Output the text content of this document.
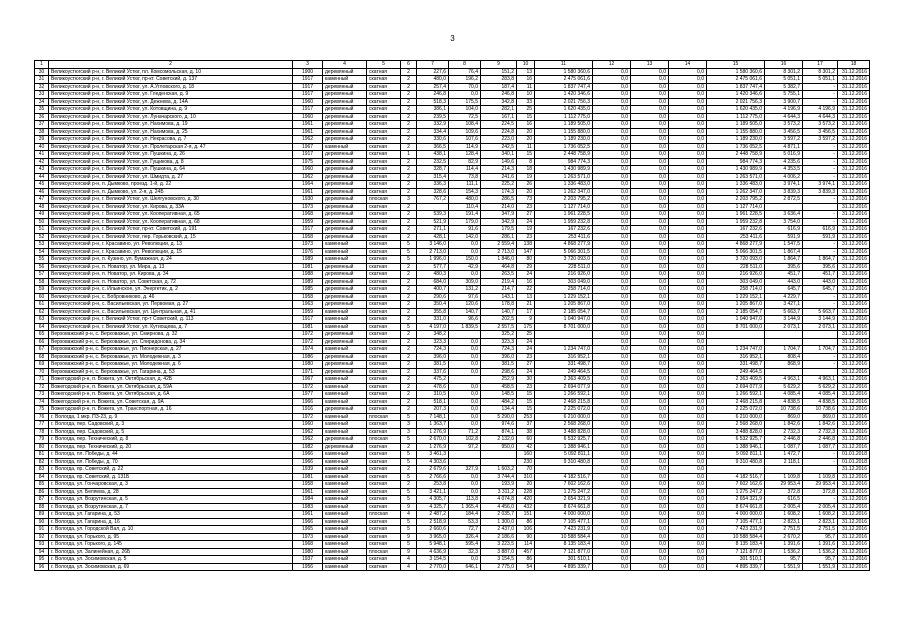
3
1	2	3	4	5	6	7	8	9	10	11	12	13	14	15	16	17	18
30	Великоустюгский р-н, г. Великий Устюг, пл. Комсомольская, д. 10	1900	деревянный	скатная	2	227,6	76,4	151,2	13	1 580 360,6	0,0	0,0	0,0	1 580 360,6	8 301,2	8 301,2	31.12.2016
31	Великоустюгский р-н, г. Великий Устюг, пр-кт. Советский, д. 137	1917	каменный	скатная	2	480,0	196,2	283,8	16	2 475 061,6	0,0	0,0	0,0	2 475 061,6	5 051,1	5 051,1	31.12.2016
32	Великоустюгский р-н, г. Великий Устюг, ул. А.Угловского, д. 18	1917	деревянный	скатная	2	257,4	70,0	187,4	11	1 837 747,4	0,0	0,0	0,0	1 837 747,4	5 382,7	-	31.12.2016
33	Великоустюгский р-н, г. Великий Устюг, ул. Гледенская, д. 9	1917	деревянный	скатная	2	246,8	0,0	246,8	10	1 420 346,6	0,0	0,0	0,0	1 420 346,6	5 755,1	-	31.12.2016
34	Великоустюгский р-н, г. Великий Устюг, ул. Дежнева, д. 14А	1960	деревянный	скатная	2	518,3	175,5	342,8	33	2 021 756,3	0,0	0,0	0,0	2 021 756,3	3 900,7	-	31.12.2016
35	Великоустюгский р-н, г. Великий Устюг, ул. Котовщина, д. 9	1917	деревянный	скатная	2	386,1	104,0	282,1	25	1 620 435,0	0,0	0,0	0,0	1 620 435,0	4 196,9	4 196,9	31.12.2016
36	Великоустюгский р-н, г. Великий Устюг, ул. Луначарского, д. 10	1960	деревянный	скатная	2	239,5	72,5	167,1	15	1 112 775,0	0,0	0,0	0,0	1 112 775,0	4 644,3	4 644,3	31.12.2016
37	Великоустюгский р-н, г. Великий Устюг, ул. Нахимова, д. 19	1961	деревянный	скатная	2	332,9	108,4	224,5	16	1 189 505,0	0,0	0,0	0,0	1 189 505,0	3 573,2	3 573,2	31.12.2016
38	Великоустюгский р-н, г. Великий Устюг, ул. Нахимова, д. 25	1961	деревянный	скатная	2	334,4	109,6	224,8	20	1 155 880,0	0,0	0,0	0,0	1 155 880,0	3 456,5	3 456,5	31.12.2016
39	Великоустюгский р-н, г. Великий Устюг, ул. Некрасова, д. 7	1962	деревянный	скатная	2	330,6	107,6	223,0	20	1 189 230,0	0,0	0,0	0,0	1 189 230,0	3 597,2	3 597,2	31.12.2016
40	Великоустюгский р-н, г. Великий Устюг, ул. Пролетарская 2-я, д. 47	1967	каменный	скатная	2	366,5	114,9	242,5	11	1 736 052,5	0,0	0,0	0,0	1 736 052,5	4 871,1	-	31.12.2016
41	Великоустюгский р-н, г. Великий Устюг, ул. Пушкина, д. 26	1917	деревянный	скатная	1	438,1	128,4	340,1	15	2 448 758,9	0,0	0,0	0,0	2 448 758,9	5 016,9	-	31.12.2016
42	Великоустюгский р-н, г. Великий Устюг, ул. Гущикова, д. 8	1975	деревянный	скатная	2	232,5	82,9	149,6	8	984 774,3	0,0	0,0	0,0	984 774,3	4 235,6	-	31.12.2016
43	Великоустюгский р-н, г. Великий Устюг, ул. Пушкина, д. 64	1960	деревянный	скатная	2	328,7	114,4	214,3	18	1 430 989,9	0,0	0,0	0,0	1 430 989,9	4 353,5	-	31.12.2016
44	Великоустюгский р-н, г. Великий Устюг, ул. Шмидта, д. 27	1962	деревянный	скатная	2	315,4	73,8	241,6	19	1 263 571,0	0,0	0,0	0,0	1 263 571,0	4 006,2	-	31.12.2016
45	Великоустюгский р-н, п. Дымково, проезд. 1-й, д. 22	1964	деревянный	скатная	2	336,3	111,1	225,2	26	1 336 483,0	0,0	0,0	0,0	1 336 483,0	3 974,1	3 974,1	31.12.2016
46	Великоустюгский р-н, п. Дымково, ул. 2-я, д. 24Б	1961	деревянный	скатная	2	328,6	154,3	174,3	20	1 262 347,0	0,0	0,0	0,0	1 262 347,0	3 839,3	3 839,3	31.12.2016
47	Великоустюгский р-н, г. Великий Устюг, ул. Шелгуновского, д. 30	1930	деревянный	плоская	3	767,2	480,0	286,5	73	2 203 795,2	0,0	0,0	0,0	2 203 795,2	2 872,5	-	31.12.2016
48	Великоустюгский р-н, г. Великий Устюг, ул. Кирова, д. 33А	1973	деревянный	скатная	2		110,4	214,0	23	1 127 714,0	0,0	0,0	0,0	1 127 714,0			31.12.2016
49	Великоустюгский р-н, г. Великий Устюг, ул. Кооперативная, д. 65	1968	деревянный	скатная	2	539,3	191,4	347,9	27	1 961 228,5	0,0	0,0	0,0	1 961 228,5	3 636,4	-	31.12.2016
50	Великоустюгский р-н, г. Великий Устюг, ул. Кооперативная, д. 68	1959	деревянный	скатная	2	521,9	179,0	342,9	24	1 959 232,8	0,0	0,0	0,0	1 959 232,8	3 754,0	-	31.12.2016
51	Великоустюгский р-н, г. Великий Устюг, пр-кт. Советский, д. 191	1917	деревянный	скатная	2	271,1	91,6	179,5	19	167 232,6	0,0	0,0	0,0	167 232,6	616,9	616,9	31.12.2016
52	Великоустюгский р-н, г. Великий Устюг, пер. Горьковский, д. 15	1958	деревянный	скатная	2	428,1	142,0	286,1	23	253 411,6	0,0	0,0	0,0	253 411,6	591,9	591,9	31.12.2016
53	Великоустюгский р-н, г. Красавино, ул. Революции, д. 13	1973	каменный	скатная	5	3 146,0	0,0	2 559,4	138	4 868 277,9	0,0	0,0	0,0	4 868 277,9	1 547,5	-	31.12.2016
54	Великоустюгский р-н, г. Красавино, ул. Революции, д. 15	1976	каменный	скатная	5	2 713,0	0,0	2 713,0	147	5 066 301,5	0,0	0,0	0,0	5 066 301,5	1 867,4	-	31.12.2016
55	Великоустюгский р-н, п. Кузино, ул. Бумажная, д. 24	1989	каменный	скатная	5	1 996,0	150,0	1 846,0	80	3 720 093,0	0,0	0,0	0,0	3 720 093,0	1 864,7	1 864,7	31.12.2016
56	Великоустюгский р-н, п. Новатор, ул. Мира, д. 13	1981	деревянный	скатная	2	577,7	42,9	464,8	29	228 511,0	0,0	0,0	0,0	228 511,0	395,6	395,6	31.12.2016
57	Великоустюгский р-н, п. Новатор, ул. Кирова, д. 34	1988	деревянный	скатная	2	480,3	0,0	263,5	24	216 926,0	0,0	0,0	0,0	216 926,0	451,7	451,7	31.12.2016
58	Великоустюгский р-н, п. Новатор, ул. Советская, д. 72	1989	деревянный	скатная	2	684,0	309,0	219,4	16	303 049,0	0,0	0,0	0,0	303 049,0	443,0	443,0	31.12.2016
59	Великоустюгский р-н, с. Ильинское, ул. Энергетик, д. 2	1985	деревянный	скатная	2	400,7	131,2	214,7	22	258 714,0	0,0	0,0	0,0	258 714,0	645,7	645,7	31.12.2016
60	Великоустюгский р-н, с. Бобровниково, д. 46	1958	деревянный	скатная	2	290,6	97,6	143,1	13	1 229 152,1	0,0	0,0	0,0	1 229 152,1	4 229,7	-	31.12.2016
61	Великоустюгский р-н, с. Васильевская, ул. Первомая, д. 27	1963	деревянный	скатная	2	350,4	120,6	178,8	21	1 205 867,0	0,0	0,0	0,0	1 205 867,0	3 427,1	-	31.12.2016
62	Великоустюгский р-н, с. Васильевская, ул. Центральная, д. 41	1959	каменный	скатная	2	355,8	140,7	140,7	17	2 185 054,7	0,0	0,0	0,0	2 185 054,7	5 663,7	5 663,7	31.12.2016
63	Великоустюгский р-н, г. Великий Устюг, пр-т Советский, д. 113	1917	каменный	скатная	2	331,0	96,6	202,5	9	1 040 947,0	0,0	0,0	0,0	1 040 947,0	3 144,9	3 144,9	31.12.2016
64	Великоустюгский р-н, г. Великий Устюг, ул. Кутиощева, д. 7	1981	каменный	скатная	5	4 197,0	1 839,5	2 557,5	175	8 701 000,0	0,0	0,0	0,0	8 701 000,0	2 073,1	2 073,1	31.12.2016
65	Верховажский р-н, с. Верховажье, ул. Смирнова, д. 32	1972	деревянный	скатная	2	348,2		325,2	25		0,0	0,0	0,0				31.12.2016
66	Верховажский р-н, с. Верховажье, ул. Спиридонова, д. 34	1972	деревянный	скатная	2	323,3	0,0	323,3	24		0,0	0,0	0,0				31.12.2016
67	Верховажский р-н, с. Верховажье, ул. Пионерская, д. 27	1974	каменный	скатная	2	724,3	0,0	724,3	24	1 234 747,0	0,0	0,0	0,0	1 234 747,0	1 704,7	1 704,7	31.12.2016
68	Верховажский р-н, с. Верховажье, ул. Молодежная, д. 3	1986	деревянный	скатная	2	396,0	0,0	396,0	23	316 952,1	0,0	0,0	0,0	316 952,1	808,4	-	31.12.2016
69	Верховажский р-н, с. Верховажье, ул. Молодежная, д. 6	1980	деревянный	скатная	2	381,5	0,0	381,5	27	331 498,7	0,0	0,0	0,0	331 498,7	868,9	-	31.12.2016
70	Верховажский р-н, с. Верховажье, ул. Гагарина, д. 53	1971	деревянный	скатная	2	337,6	0,0	298,6	24	249 464,5	0,0	0,0	0,0	249 464,5			31.12.2016
71	Вожегодский р-н, п. Вожега, ул. Октябрьская, д. 42Б	1967	каменный	скатная	2	475,2		252,9	30	2 363 409,5	0,0	0,0	0,0	2 363 409,5	4 963,1	4 963,1	31.12.2016
72	Вожегодский р-н, п. Вожега, ул. Октябрьская, д. 59А	1972	каменный	скатная	2	478,6	0,0	458,5	23	2 694 077,9	0,0	0,0	0,0	2 694 077,9	5 629,2	5 629,2	31.12.2016
73	Вожегодский р-н, п. Вожега, ул. Октябрьская, д. 6А	1977	каменный	скатная	2	310,5	0,0	148,5	15	1 266 592,1	0,0	0,0	0,0	1 266 592,1	4 085,4	4 085,4	31.12.2016
74	Вожегодский р-н, п. Вожега, ул. Советская, д. 9А	1966	каменный	скатная	2	518,1	0,0	484,2	15	2 468 215,8	0,0	0,0	0,0	2 468 215,8	4 838,5	4 838,5	31.12.2016
75	Вожегодский р-н, п. Вожега, ул. Транспортная, д. 16	1916	деревянный	скатная	2	207,3	0,0	134,4	15	2 225 072,0	0,0	0,0	0,0	2 225 072,0	10 738,6	10 738,6	31.12.2016
76	г. Вологда, 1 мкр. ПЗ-23, д. 9	1972	каменный	плоская	5	7 148,1	0,0	5 290,0	253	6 210 000,0	0,0	0,0	0,0	6 210 000,0	869,0	869,0	31.12.2016
77	г. Вологда, пер. Садовский, д. 3	1960	каменный	скатная	3	1 363,7	0,0	974,6	37	2 568 268,0	0,0	0,0	0,0	2 568 268,0	1 842,6	1 842,6	31.12.2016
78	г. Вологда, пер. Садовский, д. 5	1962	каменный	скатная	3	1 276,9	71,2	874,1	38	3 488 828,0	0,0	0,0	0,0	3 488 828,0	2 732,3	2 732,3	31.12.2016
79	г. Вологда, пер. Технический, д. 8	1962	деревянный	плоская	5	2 670,0	102,8	2 132,0	60	6 532 925,7	0,0	0,0	0,0	6 532 925,7	2 446,8	2 446,8	31.12.2016
80	г. Вологда, пер. Технический, д. 20	1982	деревянный	скатная	2	1 276,9	97,2	950,0	42	1 388 946,1	0,0	0,0	0,0	1 388 946,1	1 087,7	1 087,7	31.12.2016
81	г. Вологда, пл. Победы, д. 44	1966	каменный	скатная	5	3 461,3			160	5 092 811,1	0,0	0,0	0,0	5 092 811,1	1 472,7	-	01.01.2018
82	г. Вологда, пл. Победы, д. 70	1966	каменный	скатная	5	4 303,6			230	9 310 480,8	0,0	0,0	0,0	9 310 480,8	2 118,1	-	01.01.2018
83	г. Вологда, пр. Советский, д. 22	1939	каменный	скатная	2	2 679,6	327,9	1 603,2	70		0,0	0,0	0,0				31.12.2016
84	г. Вологда, пр. Советский, д. 131Б	1981	каменный	скатная	5	2 766,6	0,0	3 744,4	310	4 182 516,7	0,0	0,0	0,0	4 182 516,7	1 109,8	1 109,8	31.12.2016
85	г. Вологда, ул. Гончаровская, д. 3	1958	каменный	скатная	2	253,8	0,0	193,9	20	7 602 162,6	0,0	0,0	0,0	7 602 162,6	29 953,4	29 953,4	31.12.2016
86	г. Вологда, ул. Беляева, д. 28	1961	каменный	скатная	5	3 421,1	0,0	3 311,2	228	1 275 247,2	0,0	0,0	0,0	1 275 247,2	372,8	372,8	31.12.2016
87	г. Вологда, ул. Возрутинская, д. 5	1984	каменный	скатная	5	4 305,7	113,8	4 074,8	420	2 654 321,9	0,0	0,0	0,0	2 654 321,9	616,5	-	31.12.2016
88	г. Вологда, ул. Возрутинская, д. 7	1983	каменный	скатная	9	4 325,7	1 365,4	4 456,0	432	8 674 661,8	0,0	0,0	0,0	8 674 661,8	2 005,4	2 005,4	31.12.2016
89	г. Вологда, ул. Гагарина, д. 53	1961	каменный	плоская	4	2 487,2	184,4	2 035,7	151	4 000 000,0	0,0	0,0	0,0	4 000 000,0	1 608,2	1 608,2	31.12.2016
90	г. Вологда, ул. Гагарина, д. 16	1966	каменный	скатная	5	2 518,9	53,3	1 300,0	86	7 105 477,1	0,0	0,0	0,0	7 105 477,1	2 823,1	2 823,1	31.12.2016
91	г. Вологда, ул. Городской Вал, д. 10	1965	каменный	скатная	5	2 660,6	72,7	2 437,0	106	7 423 231,9	0,0	0,0	0,0	7 423 231,9	2 751,5	2 751,5	31.12.2016
92	г. Вологда, ул. Горького, д. 95	1973	каменный	скатная	9	3 965,0	326,4	2 186,6	90	10 588 584,4	0,0	0,0	0,0	10 588 584,4	2 670,2	95,7	31.12.2016
93	г. Вологда, ул. Горького, д. 145	1968	каменный	скатная	5	5 948,1	595,4	3 223,5	114	8 135 183,4	0,0	0,0	0,0	8 135 183,4	1 391,6	1 391,6	31.12.2016
94	г. Вологда, ул. Залинейная, д. 26Б	1980	каменный	плоская	9	4 636,9	32,3	3 887,0	457	7 121 877,0	0,0	0,0	0,0	7 121 877,0	1 536,2	1 536,2	31.12.2016
95	г. Вологда, ул. Зосимовская, д. 5	1937	каменный	скатная	4	3 154,5	0,0	3 154,5	86	301 510,1	0,0	0,0	0,0	301 510,1	95,7	95,7	31.12.2016
96	г. Вологда, ул. Зосимовская, д. 69	1956	каменный	скатная	4	2 770,0	646,1	2 775,0	54	4 895 339,7	0,0	0,0	0,0	4 895 339,7	1 551,9	1 551,9	31.12.2016
